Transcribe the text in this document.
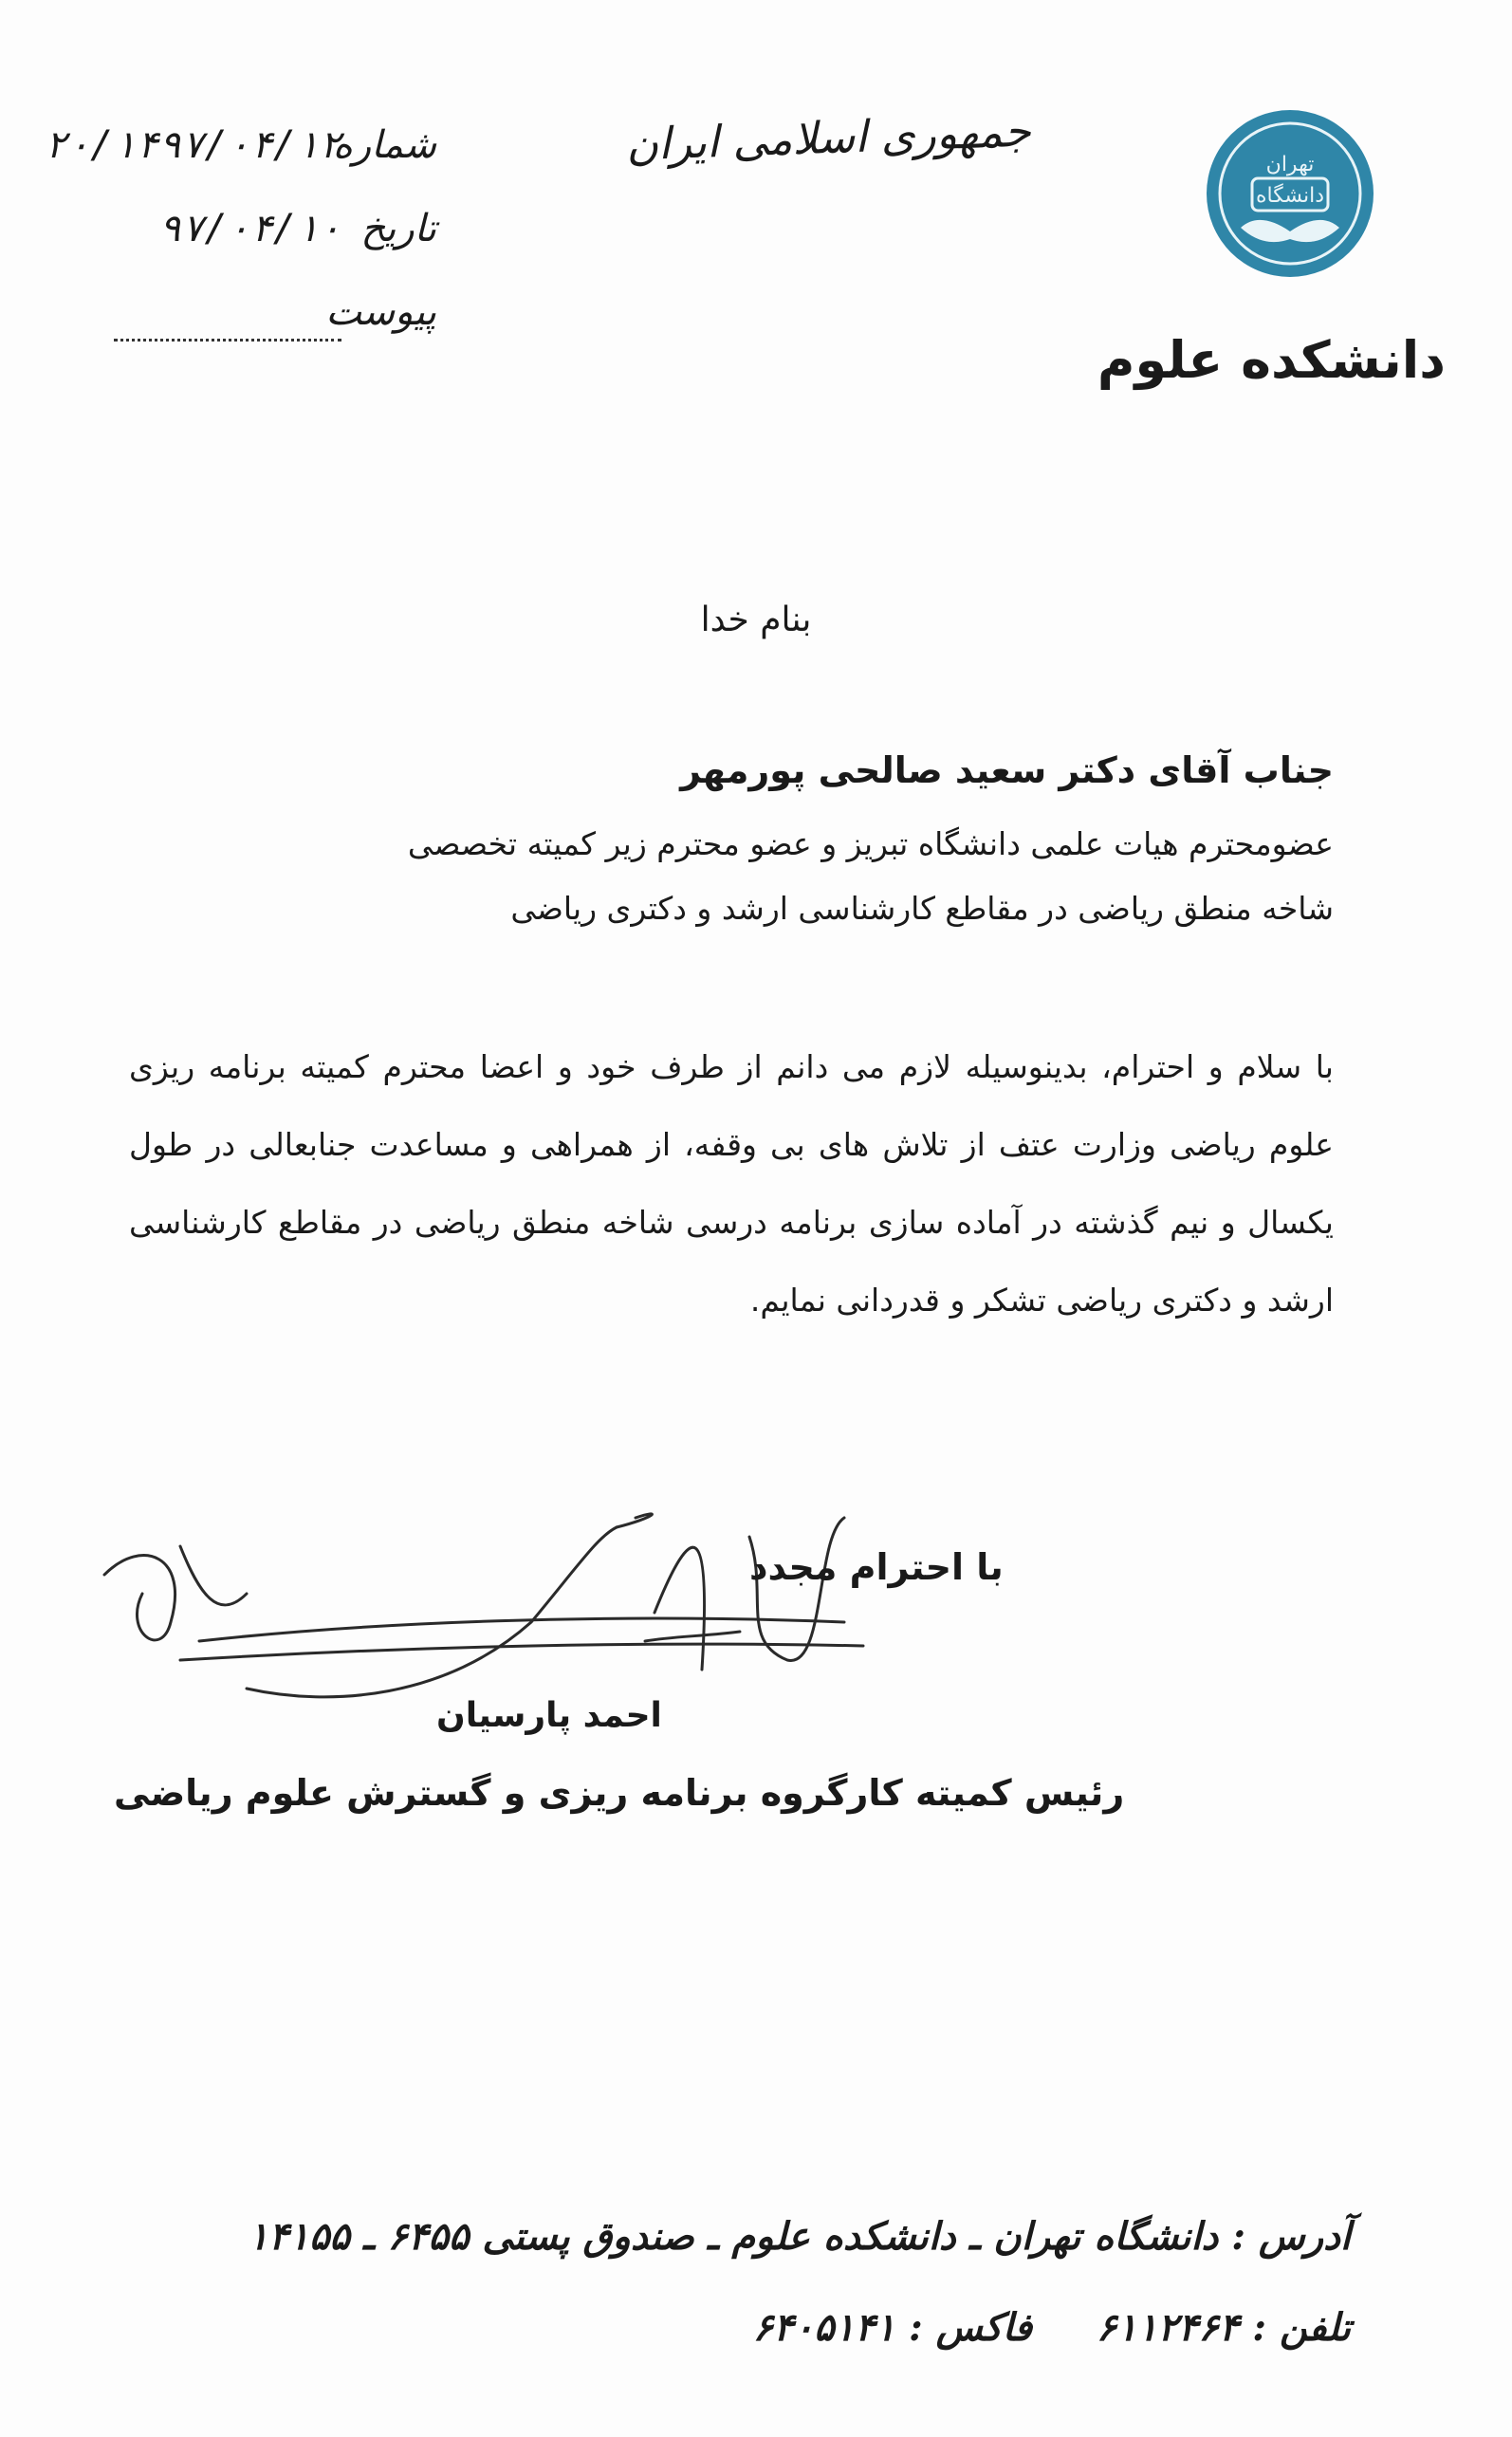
تهران
دانشگاه
دانشکده علوم
جمهوری اسلامی ایران
شماره
۲۰/۱۴۹۷/۰۴/۱۲
تاریخ
۹۷/۰۴/۱۰
پیوست
بنام خدا
جناب آقای دکتر سعید صالحی پورمهر
عضومحترم هیات علمی دانشگاه تبریز و عضو محترم زیر کمیته تخصصی
شاخه منطق ریاضی در مقاطع کارشناسی ارشد و دکتری ریاضی
با سلام و احترام، بدینوسیله لازم می دانم از طرف خود و اعضا محترم کمیته برنامه ریزی علوم ریاضی وزارت عتف از تلاش های بی وقفه، از همراهی و مساعدت جنابعالی در طول یکسال و نیم گذشته در آماده سازی برنامه درسی شاخه منطق ریاضی در مقاطع کارشناسی ارشد و دکتری ریاضی تشکر و قدردانی نمایم.
با احترام مجدد
احمد پارسیان
رئیس کمیته کارگروه برنامه ریزی و گسترش علوم ریاضی
آدرس : دانشگاه تهران ـ دانشکده علوم ـ صندوق پستی ۶۴۵۵ ـ ۱۴۱۵۵
تلفن : ۶۱۱۲۴۶۴  فاکس : ۶۴۰۵۱۴۱
